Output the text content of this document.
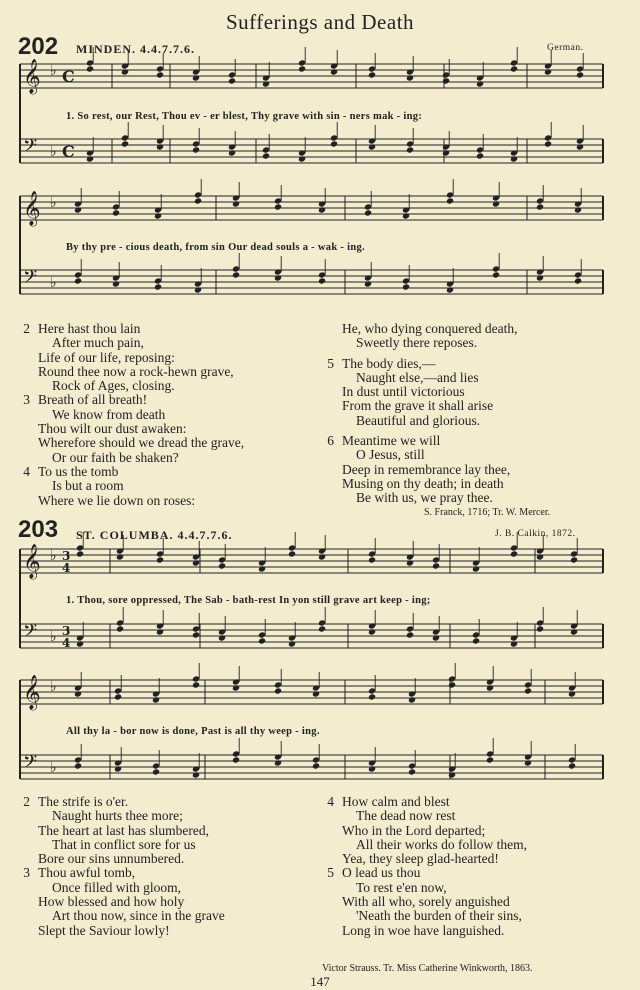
𝄞 ♭ C
𝄢 ♭ C
𝄞 ♭
𝄢 ♭
𝄞 ♭ 3
4
𝄢 ♭ 3
4
𝄞 ♭
𝄢 ♭
Sufferings and Death
202 MINDEN. 4.4.7.7.6.	German.
1. So rest, our Rest, Thou ev - er blest, Thy grave with sin - ners mak - ing:
By thy pre - cious death, from sin Our dead souls a - wak - ing.
2 Here hast thou lain
After much pain,
Life of our life, reposing:
Round thee now a rock-hewn grave,
Rock of Ages, closing.
3 Breath of all breath!
We know from death
Thou wilt our dust awaken:
Wherefore should we dread the grave,
Or our faith be shaken?
4 To us the tomb
Is but a room
Where we lie down on roses:
He, who dying conquered death,
Sweetly there reposes.
5 The body dies,—
Naught else,—and lies
In dust until victorious
From the grave it shall arise
Beautiful and glorious.
6 Meantime we will
O Jesus, still
Deep in remembrance lay thee,
Musing on thy death; in death
Be with us, we pray thee.
S. Franck, 1716; Tr. W. Mercer.
203 ST. COLUMBA. 4.4.7.7.6.	J. B. Calkin, 1872.
1. Thou, sore oppressed, The Sab - bath-rest In yon still grave art keep - ing;
All thy la - bor now is done, Past is all thy weep - ing.
2 The strife is o'er.
Naught hurts thee more;
The heart at last has slumbered,
That in conflict sore for us
Bore our sins unnumbered.
3 Thou awful tomb,
Once filled with gloom,
How blessed and how holy
Art thou now, since in the grave
Slept the Saviour lowly!
4 How calm and blest
The dead now rest
Who in the Lord departed;
All their works do follow them,
Yea, they sleep glad-hearted!
5 O lead us thou
To rest e'en now,
With all who, sorely anguished
'Neath the burden of their sins,
Long in woe have languished.
Victor Strauss. Tr. Miss Catherine Winkworth, 1863.
147
